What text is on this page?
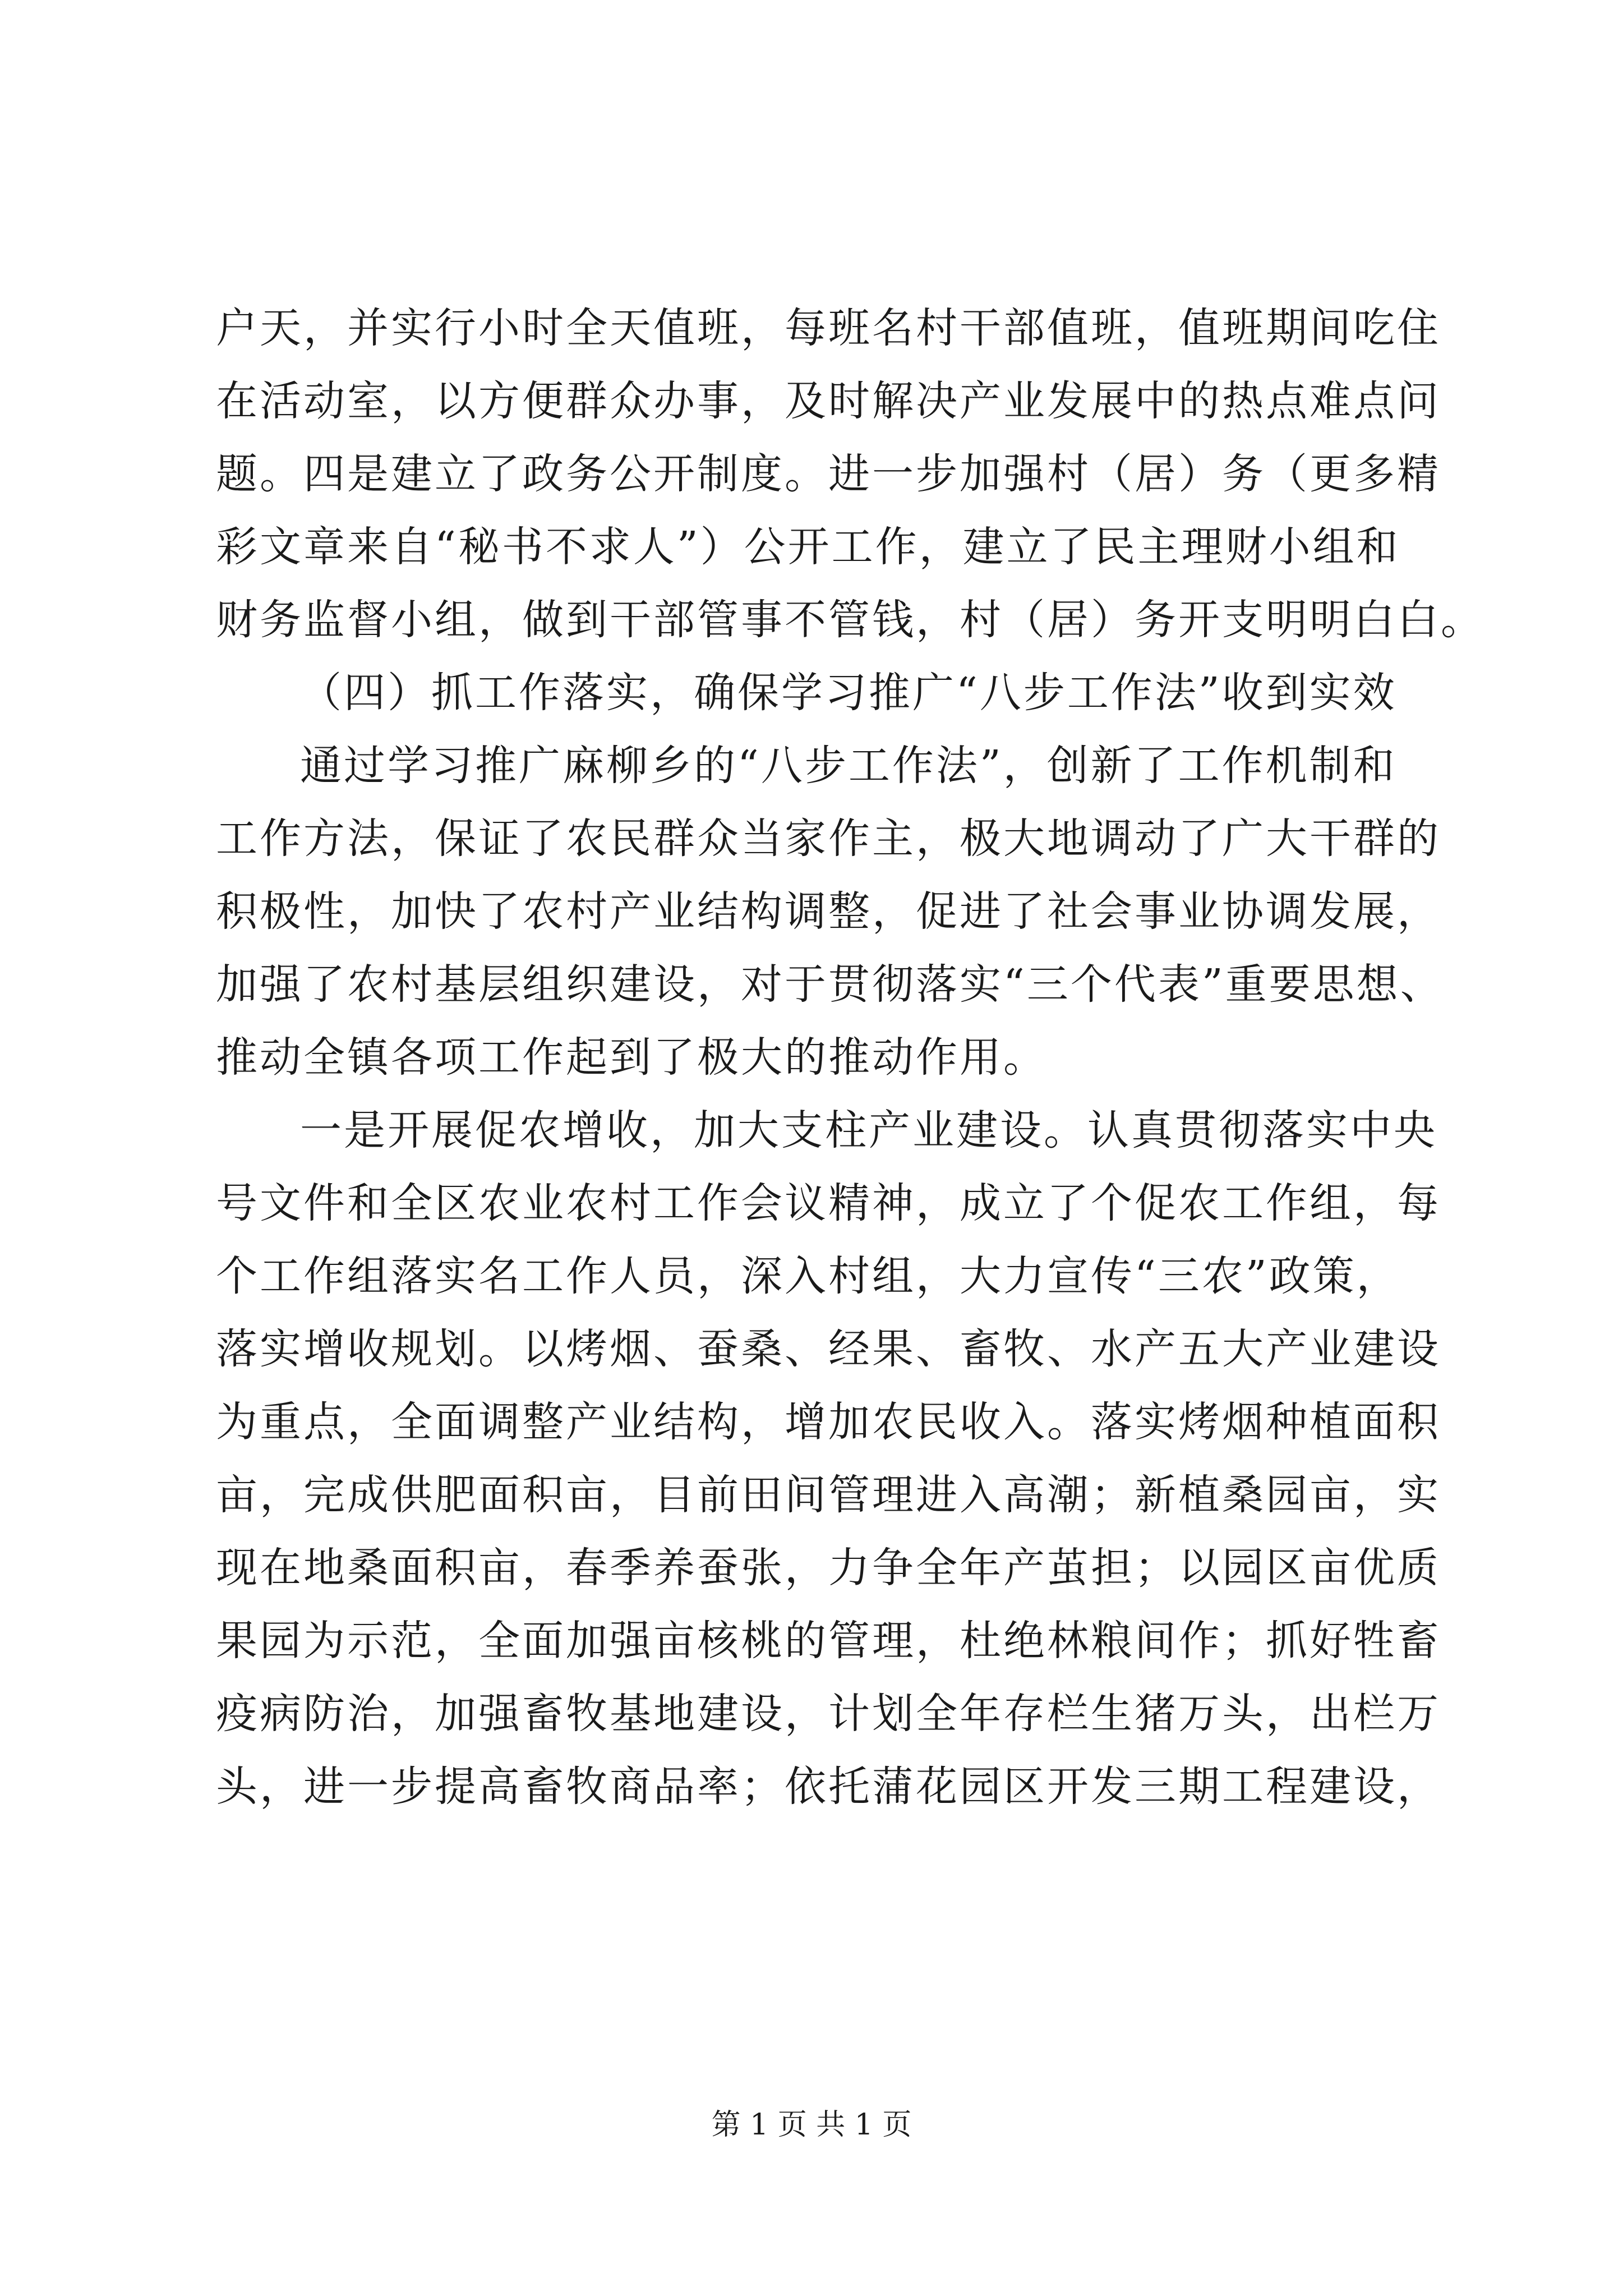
户天，并实行小时全天值班，每班名村干部值班，值班期间吃住
在活动室，以方便群众办事，及时解决产业发展中的热点难点问
题。四是建立了政务公开制度。进一步加强村（居）务（更多精
彩文章来自“秘书不求人”）公开工作，建立了民主理财小组和
财务监督小组，做到干部管事不管钱，村（居）务开支明明白白。
（四）抓工作落实，确保学习推广“八步工作法”收到实效
通过学习推广麻柳乡的“八步工作法”，创新了工作机制和
工作方法，保证了农民群众当家作主，极大地调动了广大干群的
积极性，加快了农村产业结构调整，促进了社会事业协调发展，
加强了农村基层组织建设，对于贯彻落实“三个代表”重要思想、
推动全镇各项工作起到了极大的推动作用。
一是开展促农增收，加大支柱产业建设。认真贯彻落实中央
号文件和全区农业农村工作会议精神，成立了个促农工作组，每
个工作组落实名工作人员，深入村组，大力宣传“三农”政策，
落实增收规划。以烤烟、蚕桑、经果、畜牧、水产五大产业建设
为重点，全面调整产业结构，增加农民收入。落实烤烟种植面积
亩，完成供肥面积亩，目前田间管理进入高潮；新植桑园亩，实
现在地桑面积亩，春季养蚕张，力争全年产茧担；以园区亩优质
果园为示范，全面加强亩核桃的管理，杜绝林粮间作；抓好牲畜
疫病防治，加强畜牧基地建设，计划全年存栏生猪万头，出栏万
头，进一步提高畜牧商品率；依托蒲花园区开发三期工程建设，
第 1 页 共 1 页
